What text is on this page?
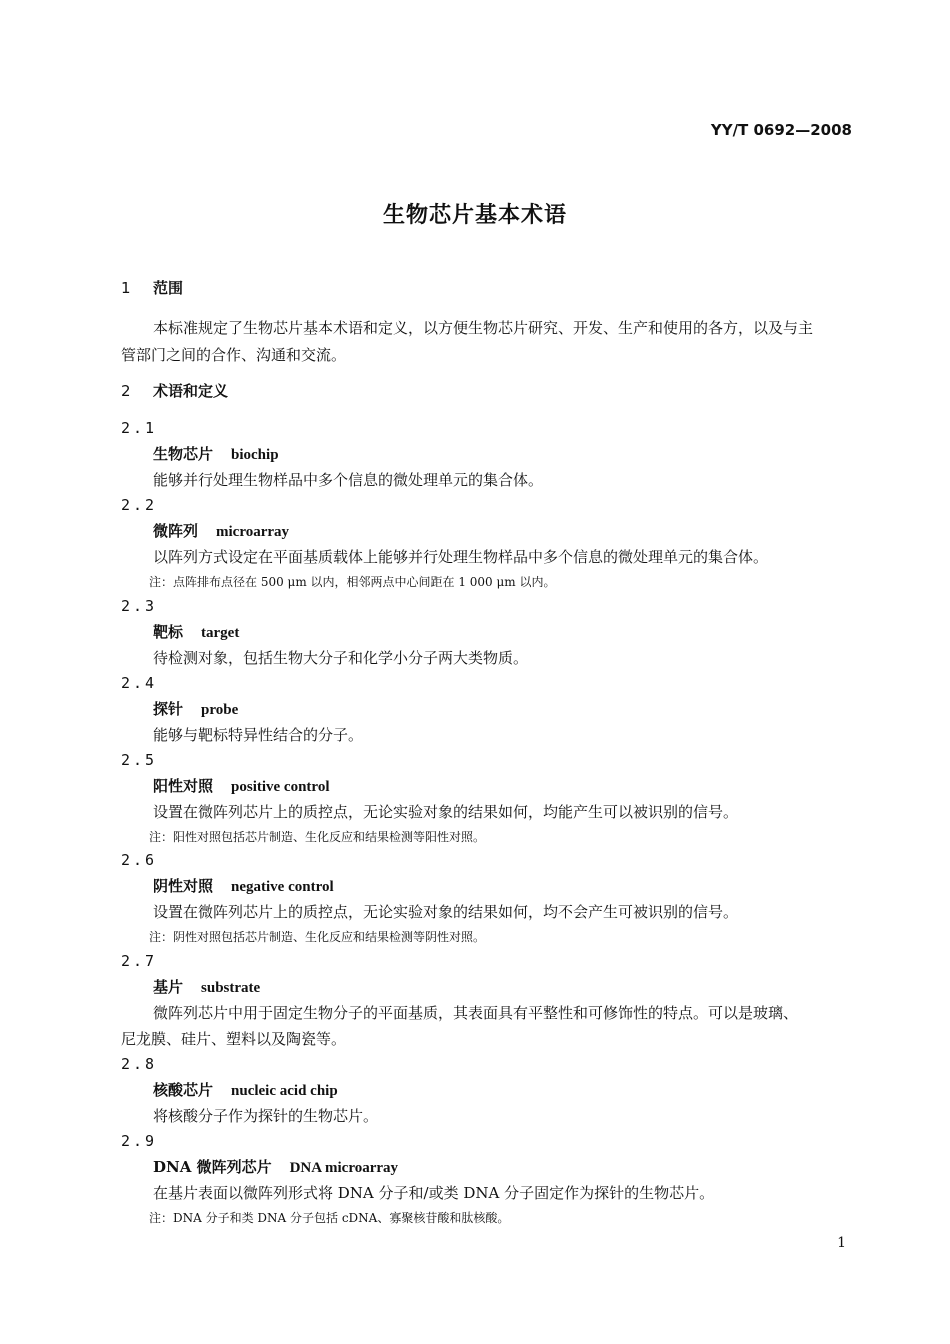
YY/T 0692—2008
生物芯片基本术语
1 范围
本标准规定了生物芯片基本术语和定义，以方便生物芯片研究、开发、生产和使用的各方，以及与主
管部门之间的合作、沟通和交流。
2 术语和定义
2.1
生物芯片 biochip
能够并行处理生物样品中多个信息的微处理单元的集合体。
2.2
微阵列 microarray
以阵列方式设定在平面基质载体上能够并行处理生物样品中多个信息的微处理单元的集合体。
注：点阵排布点径在 500 μm 以内，相邻两点中心间距在 1 000 μm 以内。
2.3
靶标 target
待检测对象，包括生物大分子和化学小分子两大类物质。
2.4
探针 probe
能够与靶标特异性结合的分子。
2.5
阳性对照 positive control
设置在微阵列芯片上的质控点，无论实验对象的结果如何，均能产生可以被识别的信号。
注：阳性对照包括芯片制造、生化反应和结果检测等阳性对照。
2.6
阴性对照 negative control
设置在微阵列芯片上的质控点，无论实验对象的结果如何，均不会产生可被识别的信号。
注：阴性对照包括芯片制造、生化反应和结果检测等阴性对照。
2.7
基片 substrate
微阵列芯片中用于固定生物分子的平面基质，其表面具有平整性和可修饰性的特点。可以是玻璃、
尼龙膜、硅片、塑料以及陶瓷等。
2.8
核酸芯片 nucleic acid chip
将核酸分子作为探针的生物芯片。
2.9
DNA 微阵列芯片 DNA microarray
在基片表面以微阵列形式将 DNA 分子和/或类 DNA 分子固定作为探针的生物芯片。
注：DNA 分子和类 DNA 分子包括 cDNA、寡聚核苷酸和肽核酸。
1
